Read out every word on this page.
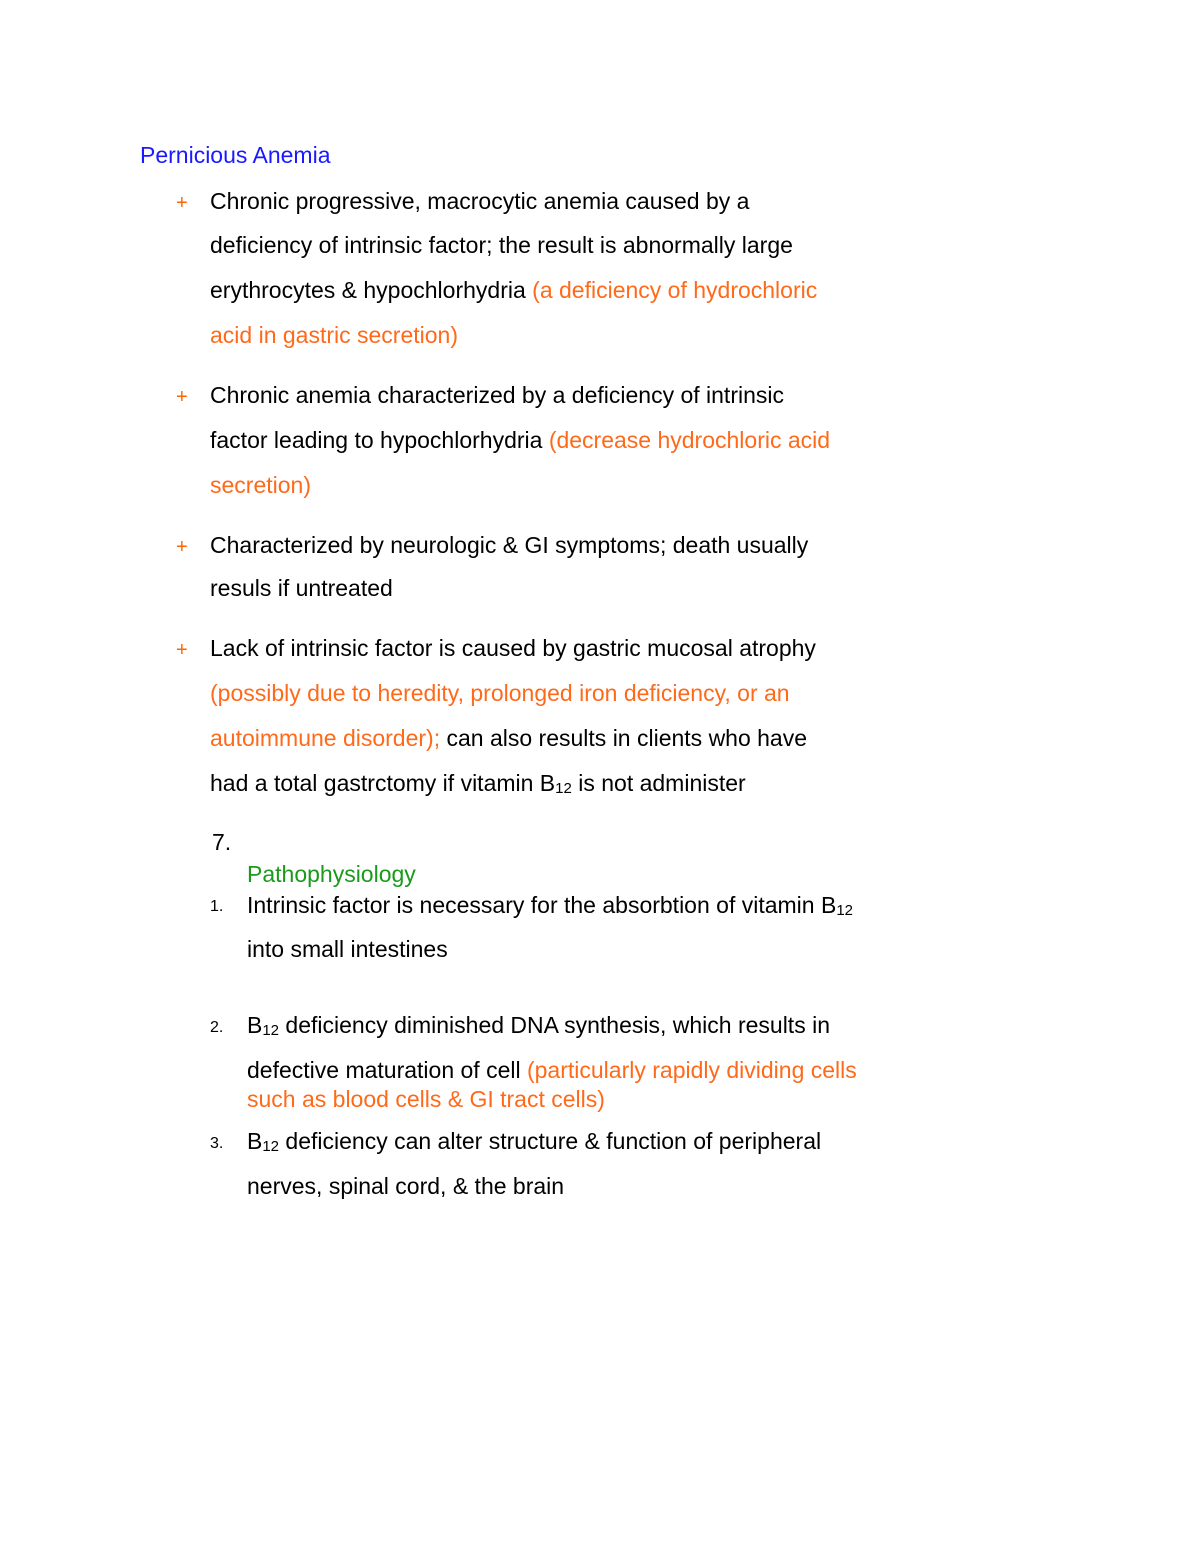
Pernicious Anemia
+ Chronic progressive, macrocytic anemia caused by a
deficiency of intrinsic factor; the result is abnormally large
erythrocytes & hypochlorhydria (a deficiency of hydrochloric
acid in gastric secretion)
+ Chronic anemia characterized by a deficiency of intrinsic
factor leading to hypochlorhydria (decrease hydrochloric acid
secretion)
+ Characterized by neurologic & GI symptoms; death usually
resuls if untreated
+ Lack of intrinsic factor is caused by gastric mucosal atrophy
(possibly due to heredity, prolonged iron deficiency, or an
autoimmune disorder); can also results in clients who have
had a total gastrctomy if vitamin $B_{12}$ is not administer
7.
Pathophysiology
1. Intrinsic factor is necessary for the absorbtion of vitamin $B_{12}$
into small intestines
2. $B_{12}$ deficiency diminished DNA synthesis, which results in
defective maturation of cell (particularly rapidly dividing cells
such as blood cells & GI tract cells)
3. $B_{12}$ deficiency can alter structure & function of peripheral
nerves, spinal cord, & the brain
